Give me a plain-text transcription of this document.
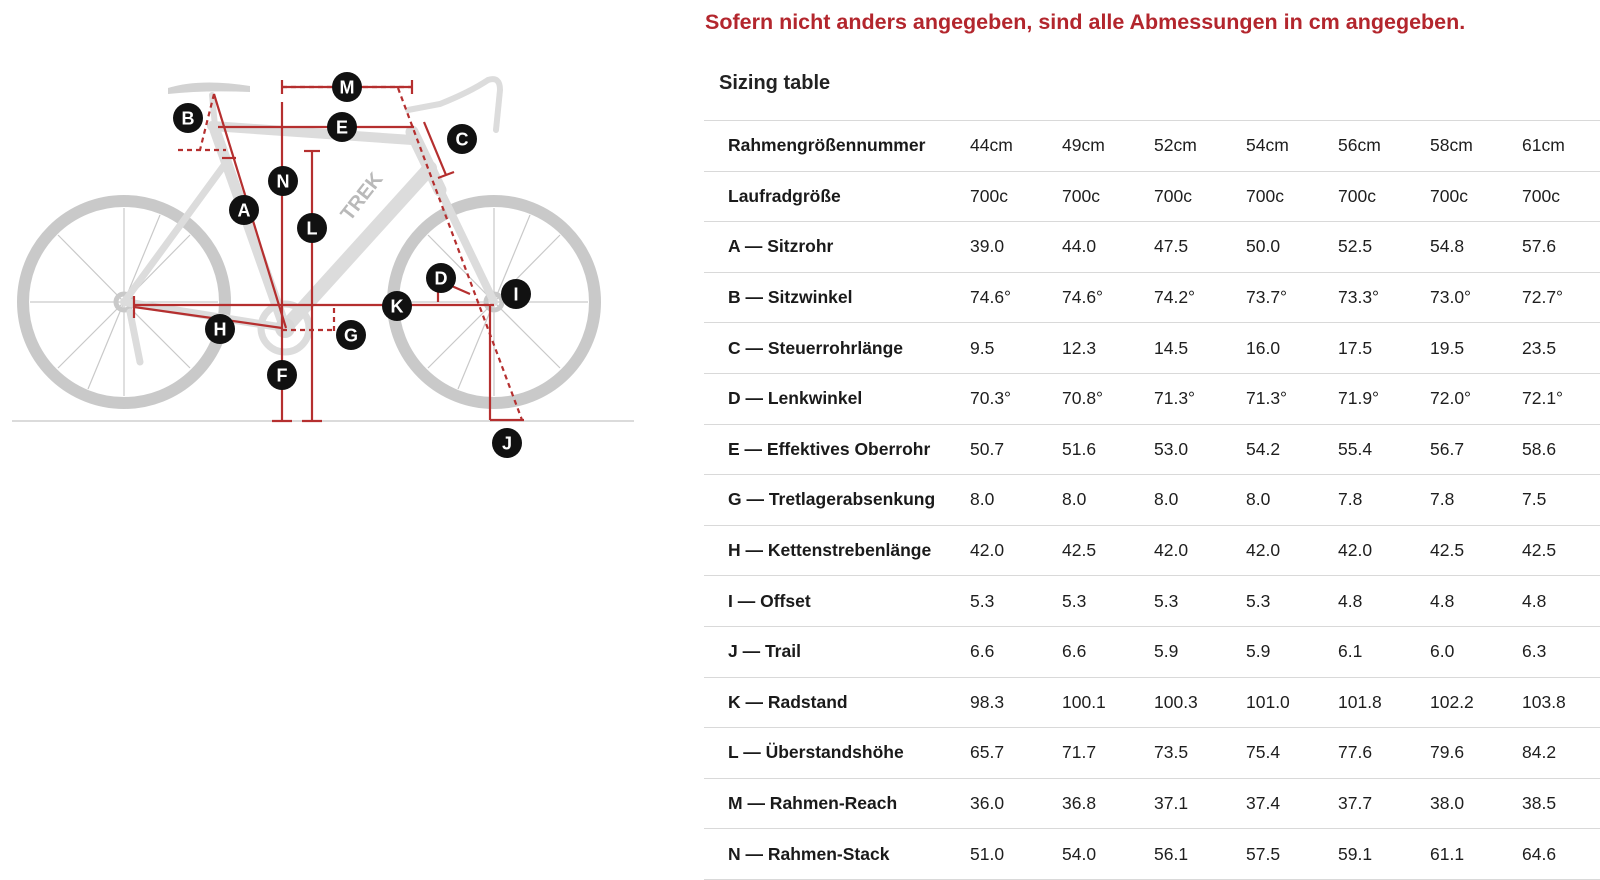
TREK
A
B
C
D
E
F
G
H
I
J
K
L
M
N
Sofern nicht anders angegeben, sind alle Abmessungen in cm angegeben.
Sizing table
Rahmengrößennummer	44cm	49cm	52cm	54cm	56cm	58cm	61cm
Laufradgröße	700c	700c	700c	700c	700c	700c	700c
A — Sitzrohr	39.0	44.0	47.5	50.0	52.5	54.8	57.6
B — Sitzwinkel	74.6°	74.6°	74.2°	73.7°	73.3°	73.0°	72.7°
C — Steuerrohrlänge	9.5	12.3	14.5	16.0	17.5	19.5	23.5
D — Lenkwinkel	70.3°	70.8°	71.3°	71.3°	71.9°	72.0°	72.1°
E — Effektives Oberrohr	50.7	51.6	53.0	54.2	55.4	56.7	58.6
G — Tretlagerabsenkung	8.0	8.0	8.0	8.0	7.8	7.8	7.5
H — Kettenstrebenlänge	42.0	42.5	42.0	42.0	42.0	42.5	42.5
I — Offset	5.3	5.3	5.3	5.3	4.8	4.8	4.8
J — Trail	6.6	6.6	5.9	5.9	6.1	6.0	6.3
K — Radstand	98.3	100.1	100.3	101.0	101.8	102.2	103.8
L — Überstandshöhe	65.7	71.7	73.5	75.4	77.6	79.6	84.2
M — Rahmen-Reach	36.0	36.8	37.1	37.4	37.7	38.0	38.5
N — Rahmen-Stack	51.0	54.0	56.1	57.5	59.1	61.1	64.6
